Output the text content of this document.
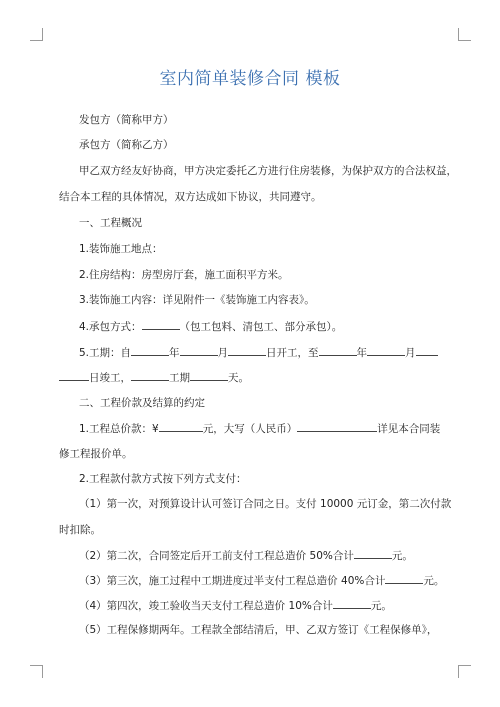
室内简单装修合同 模板
发包方（简称甲方）
承包方（简称乙方）
甲乙双方经友好协商，甲方决定委托乙方进行住房装修，为保护双方的合法权益，
结合本工程的具体情况，双方达成如下协议，共同遵守。
一、工程概况
1.装饰施工地点：
2.住房结构：房型房厅套，施工面积平方米。
3.装饰施工内容：详见附件一《装饰施工内容表》。
4.承包方式：	（包工包料、清包工、部分承包）。
5.工期：自	年	月	日开工，至	年	月
日竣工，	工期	天。
二、工程价款及结算的约定
1.工程总价款：¥	元，大写（人民币）	详见本合同装
修工程报价单。
2.工程款付款方式按下列方式支付：
（1）第一次，对预算设计认可签订合同之日。支付 10000 元订金，第二次付款
时扣除。
（2）第二次，合同签定后开工前支付工程总造价 50%合计	元。
（3）第三次，施工过程中工期进度过半支付工程总造价 40%合计	元。
（4）第四次，竣工验收当天支付工程总造价 10%合计	元。
（5）工程保修期两年。工程款全部结清后，甲、乙双方签订《工程保修单》，
